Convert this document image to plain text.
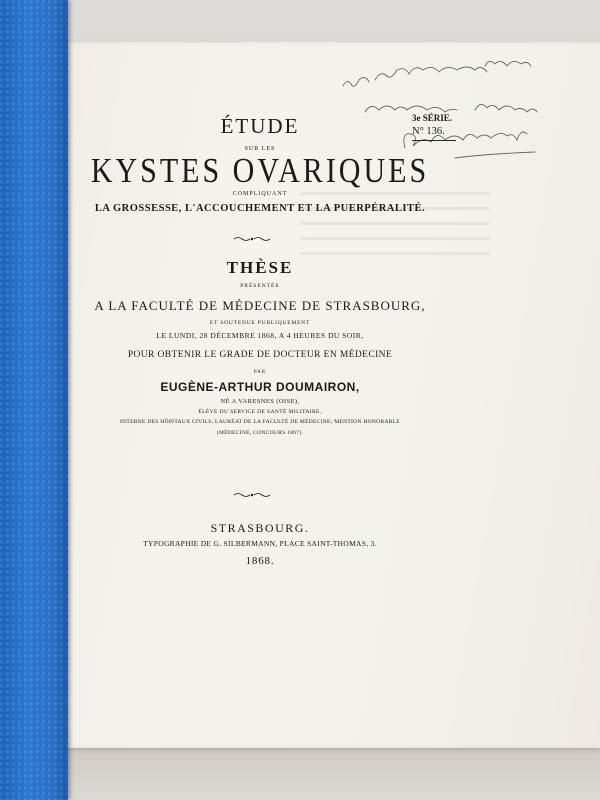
3e SÉRIE.
N° 136.
ÉTUDE
SUR LES
KYSTES OVARIQUES
COMPLIQUANT
LA GROSSESSE, L'ACCOUCHEMENT ET LA PUERPÉRALITÉ.
THÈSE
PRÉSENTÉE
A LA FACULTÉ DE MÉDECINE DE STRASBOURG,
ET SOUTENUE PUBLIQUEMENT
LE LUNDI, 28 DÉCEMBRE 1868, A 4 HEURES DU SOIR,
POUR OBTENIR LE GRADE DE DOCTEUR EN MÉDECINE
PAR
EUGÈNE-ARTHUR DOUMAIRON,
NÉ A VARESNES (OISE),
ÉLÈVE DU SERVICE DE SANTÉ MILITAIRE,
INTERNE DES HÔPITAUX CIVILS; LAURÉAT DE LA FACULTÉ DE MÉDECINE; MENTION HONORABLE
(MÉDECINE, CONCOURS 1867).
STRASBOURG.
TYPOGRAPHIE DE G. SILBERMANN, PLACE SAINT-THOMAS, 3.
1868.
